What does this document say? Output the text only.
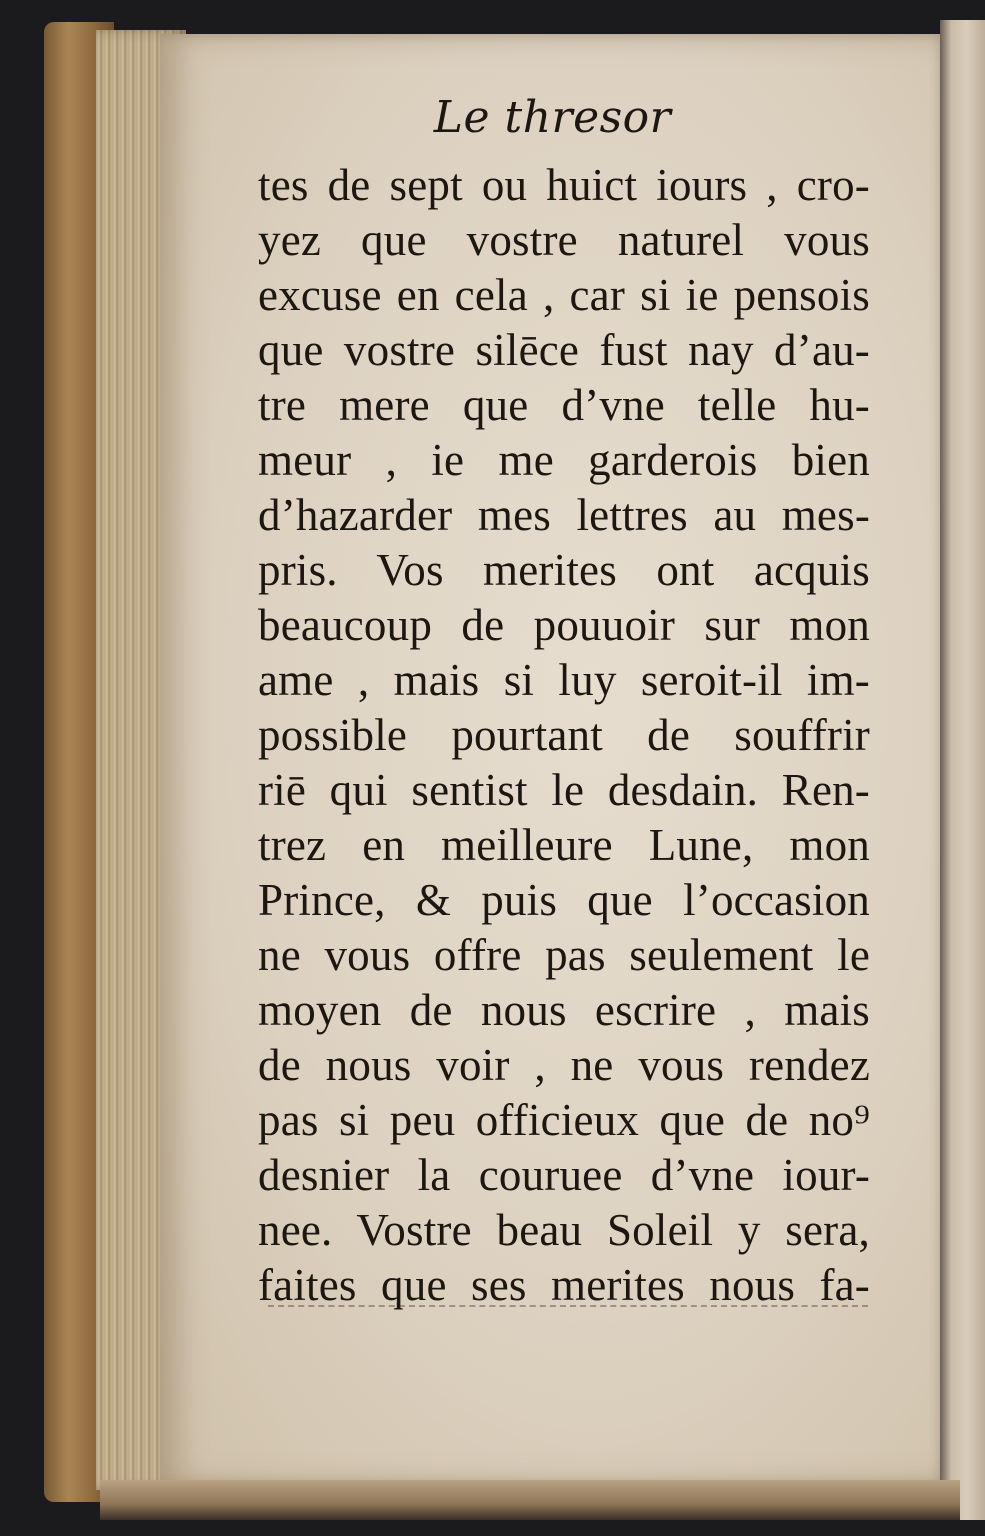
Le thresor
tes de sept ou huict iours , cro-
yez que vostre naturel vous
excuse en cela , car si ie pensois
que vostre silēce fust nay d’au-
tre mere que d’vne telle hu-
meur , ie me garderois bien
d’hazarder mes lettres au mes-
pris. Vos merites ont acquis
beaucoup de pouuoir sur mon
ame , mais si luy seroit-il im-
possible pourtant de souffrir
riē qui sentist le desdain. Ren-
trez en meilleure Lune, mon
Prince, & puis que l’occasion
ne vous offre pas seulement le
moyen de nous escrire , mais
de nous voir , ne vous rendez
pas si peu officieux que de no⁹
desnier la couruee d’vne iour-
nee. Vostre beau Soleil y sera,
faites que ses merites nous fa-
